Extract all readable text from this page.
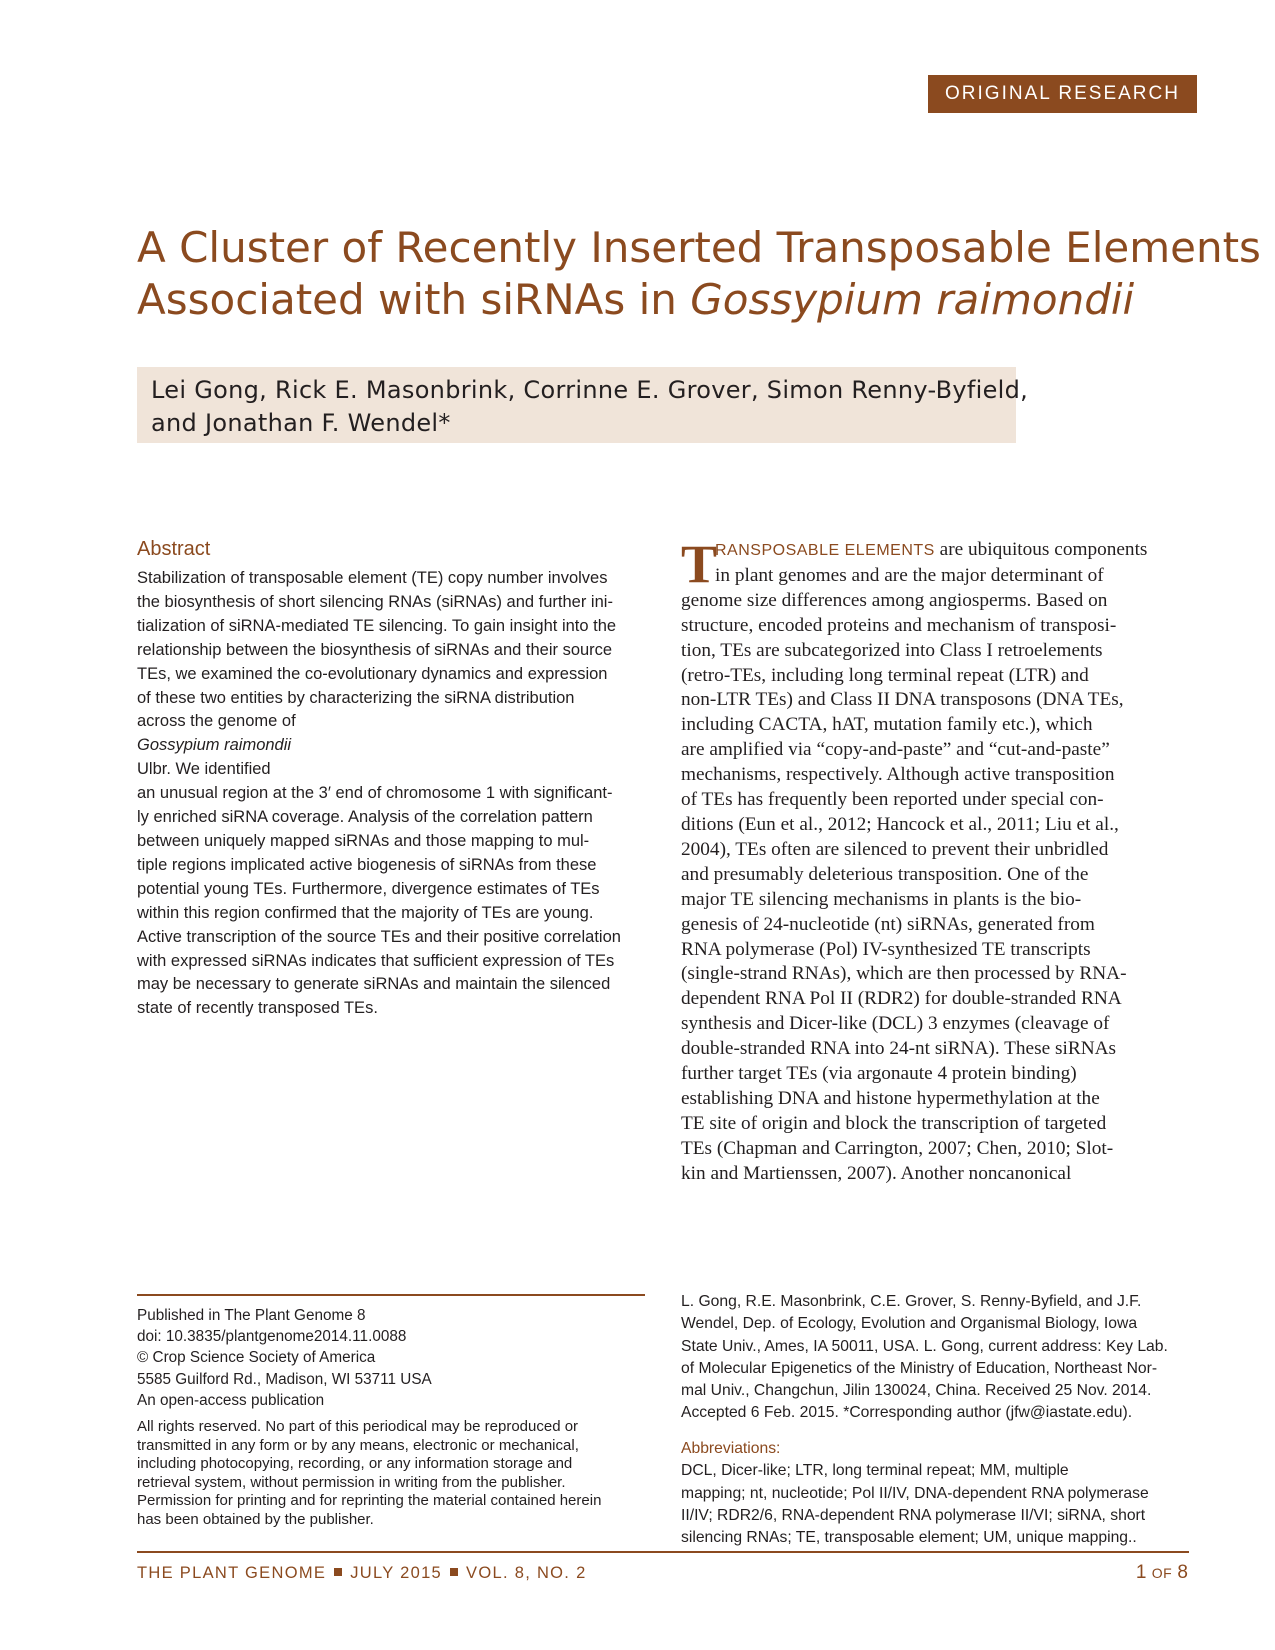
ORIGINAL RESEARCH
A Cluster of Recently Inserted Transposable Elements
Associated with siRNAs in Gossypium raimondii
Lei Gong, Rick E. Masonbrink, Corrinne E. Grover, Simon Renny-Byfield,
and Jonathan F. Wendel*
Abstract
Stabilization of transposable element (TE) copy number involves
the biosynthesis of short silencing RNAs (siRNAs) and further ini-
tialization of siRNA-mediated TE silencing. To gain insight into the
relationship between the biosynthesis of siRNAs and their source
TEs, we examined the co-evolutionary dynamics and expression
of these two entities by characterizing the siRNA distribution
across the genome of
Gossypium raimondii
Ulbr. We identified
an unusual region at the 3′ end of chromosome 1 with significant-
ly enriched siRNA coverage. Analysis of the correlation pattern
between uniquely mapped siRNAs and those mapping to mul-
tiple regions implicated active biogenesis of siRNAs from these
potential young TEs. Furthermore, divergence estimates of TEs
within this region confirmed that the majority of TEs are young.
Active transcription of the source TEs and their positive correlation
with expressed siRNAs indicates that sufficient expression of TEs
may be necessary to generate siRNAs and maintain the silenced
state of recently transposed TEs.
T
RANSPOSABLE ELEMENTS are ubiquitous components
in plant genomes and are the major determinant of
genome size differences among angiosperms. Based on
structure, encoded proteins and mechanism of transposi-
tion, TEs are subcategorized into Class I retroelements
(retro-TEs, including long terminal repeat (LTR) and
non-LTR TEs) and Class II DNA transposons (DNA TEs,
including CACTA, hAT, mutation family etc.), which
are amplified via “copy-and-paste” and “cut-and-paste”
mechanisms, respectively. Although active transposition
of TEs has frequently been reported under special con-
ditions (Eun et al., 2012; Hancock et al., 2011; Liu et al.,
2004), TEs often are silenced to prevent their unbridled
and presumably deleterious transposition. One of the
major TE silencing mechanisms in plants is the bio-
genesis of 24-nucleotide (nt) siRNAs, generated from
RNA polymerase (Pol) IV-synthesized TE transcripts
(single-strand RNAs), which are then processed by RNA-
dependent RNA Pol II (RDR2) for double-stranded RNA
synthesis and Dicer-like (DCL) 3 enzymes (cleavage of
double-stranded RNA into 24-nt siRNA). These siRNAs
further target TEs (via argonaute 4 protein binding)
establishing DNA and histone hypermethylation at the
TE site of origin and block the transcription of targeted
TEs (Chapman and Carrington, 2007; Chen, 2010; Slot-
kin and Martienssen, 2007). Another noncanonical
Published in The Plant Genome 8
doi: 10.3835/plantgenome2014.11.0088
© Crop Science Society of America
5585 Guilford Rd., Madison, WI 53711 USA
An open-access publication
All rights reserved. No part of this periodical may be reproduced or
transmitted in any form or by any means, electronic or mechanical,
including photocopying, recording, or any information storage and
retrieval system, without permission in writing from the publisher.
Permission for printing and for reprinting the material contained herein
has been obtained by the publisher.
L. Gong, R.E. Masonbrink, C.E. Grover, S. Renny-Byfield, and J.F.
Wendel, Dep. of Ecology, Evolution and Organismal Biology, Iowa
State Univ., Ames, IA 50011, USA. L. Gong, current address: Key Lab.
of Molecular Epigenetics of the Ministry of Education, Northeast Nor-
mal Univ., Changchun, Jilin 130024, China. Received 25 Nov. 2014.
Accepted 6 Feb. 2015. *Corresponding author (jfw@iastate.edu).
Abbreviations:
DCL, Dicer-like; LTR, long terminal repeat; MM, multiple
mapping; nt, nucleotide; Pol II/IV, DNA-dependent RNA polymerase
II/IV; RDR2/6, RNA-dependent RNA polymerase II/VI; siRNA, short
silencing RNAs; TE, transposable element; UM, unique mapping..
THE PLANT GENOME JULY 2015 VOL. 8, NO. 2	1 OF 8
